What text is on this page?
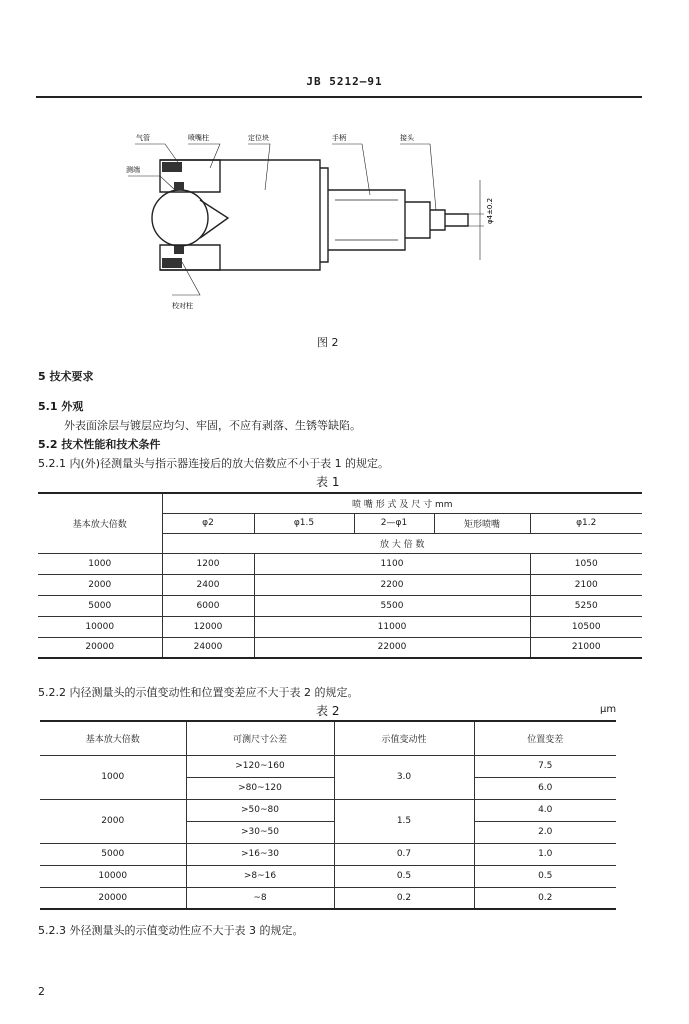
JB 5212—91
气管
测端
喷嘴柱	定位块	手柄	接头
校对柱
φ4±0.2
图 2
5 技术要求
5.1 外观
外表面涂层与镀层应均匀、牢固，不应有剥落、生锈等缺陷。
5.2 技术性能和技术条件
5.2.1 内(外)径测量头与指示器连接后的放大倍数应不小于表 1 的规定。
表 1
基本放大倍数	喷 嘴 形 式 及 尺 寸 mm				
	φ2	φ1.5	2—φ1	矩形喷嘴	φ1.2
	放 大 倍 数				
1000	1200	1100			1050
2000	2400	2200			2100
5000	6000	5500			5250
10000	12000	11000			10500
20000	24000	22000			21000
5.2.2 内径测量头的示值变动性和位置变差应不大于表 2 的规定。
表 2	μm
基本放大倍数	可测尺寸公差	示值变动性	位置变差
1000	>120~160	3.0	7.5
	>80~120		6.0
2000	>50~80	1.5	4.0
	>30~50		2.0
5000	>16~30	0.7	1.0
10000	>8~16	0.5	0.5
20000	~8	0.2	0.2
5.2.3 外径测量头的示值变动性应不大于表 3 的规定。
2
